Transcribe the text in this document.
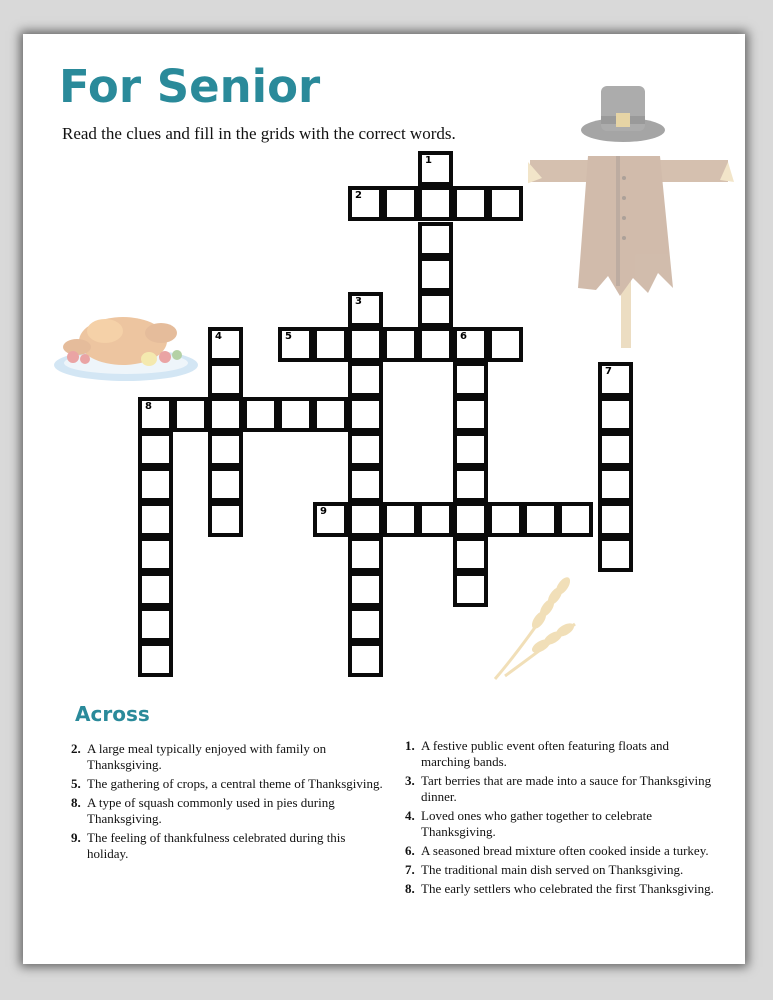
For Senior

Read the clues and fill in the grids with the correct words.

1
2
3
5	6
4
8
7
9
Across
2. A large meal typically enjoyed with family on Thanksgiving.
5. The gathering of crops, a central theme of Thanksgiving.
8. A type of squash commonly used in pies during Thanksgiving.
9. The feeling of thankfulness celebrated during this holiday.
1. A festive public event often featuring floats and marching bands.
3. Tart berries that are made into a sauce for Thanksgiving dinner.
4. Loved ones who gather together to celebrate Thanksgiving.
6. A seasoned bread mixture often cooked inside a turkey.
7. The traditional main dish served on Thanksgiving.
8. The early settlers who celebrated the first Thanksgiving.
